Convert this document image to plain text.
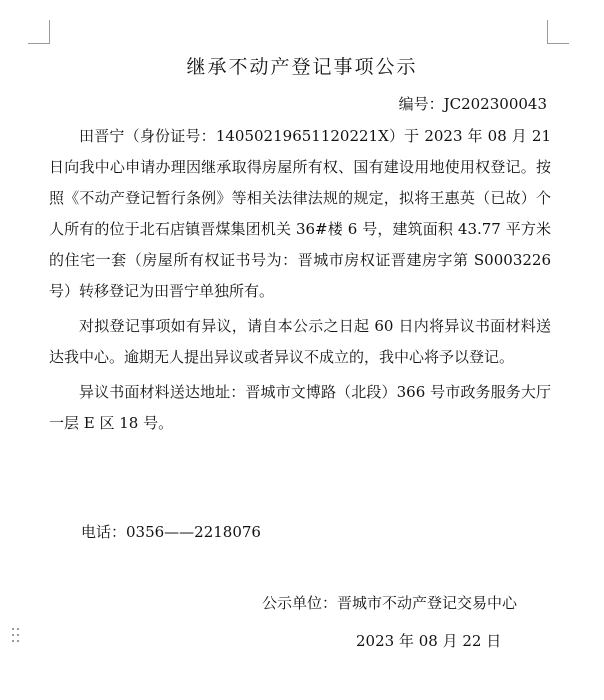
继承不动产登记事项公示
编号：JC202300043

田晋宁（身份证号：14050219651120221X）于 2023 年 08 月 21 日向我中心申请办理因继承取得房屋所有权、国有建设用地使用权登记。按照《不动产登记暂行条例》等相关法律法规的规定，拟将王惠英（已故）个人所有的位于北石店镇晋煤集团机关 36#楼 6 号，建筑面积 43.77 平方米的住宅一套（房屋所有权证书号为：晋城市房权证晋建房字第 S0003226 号）转移登记为田晋宁单独所有。

对拟登记事项如有异议，请自本公示之日起 60 日内将异议书面材料送达我中心。逾期无人提出异议或者异议不成立的，我中心将予以登记。

异议书面材料送达地址：晋城市文博路（北段）366 号市政务服务大厅一层 E 区 18 号。

电话：0356——2218076
公示单位：晋城市不动产登记交易中心
2023 年 08 月 22 日
